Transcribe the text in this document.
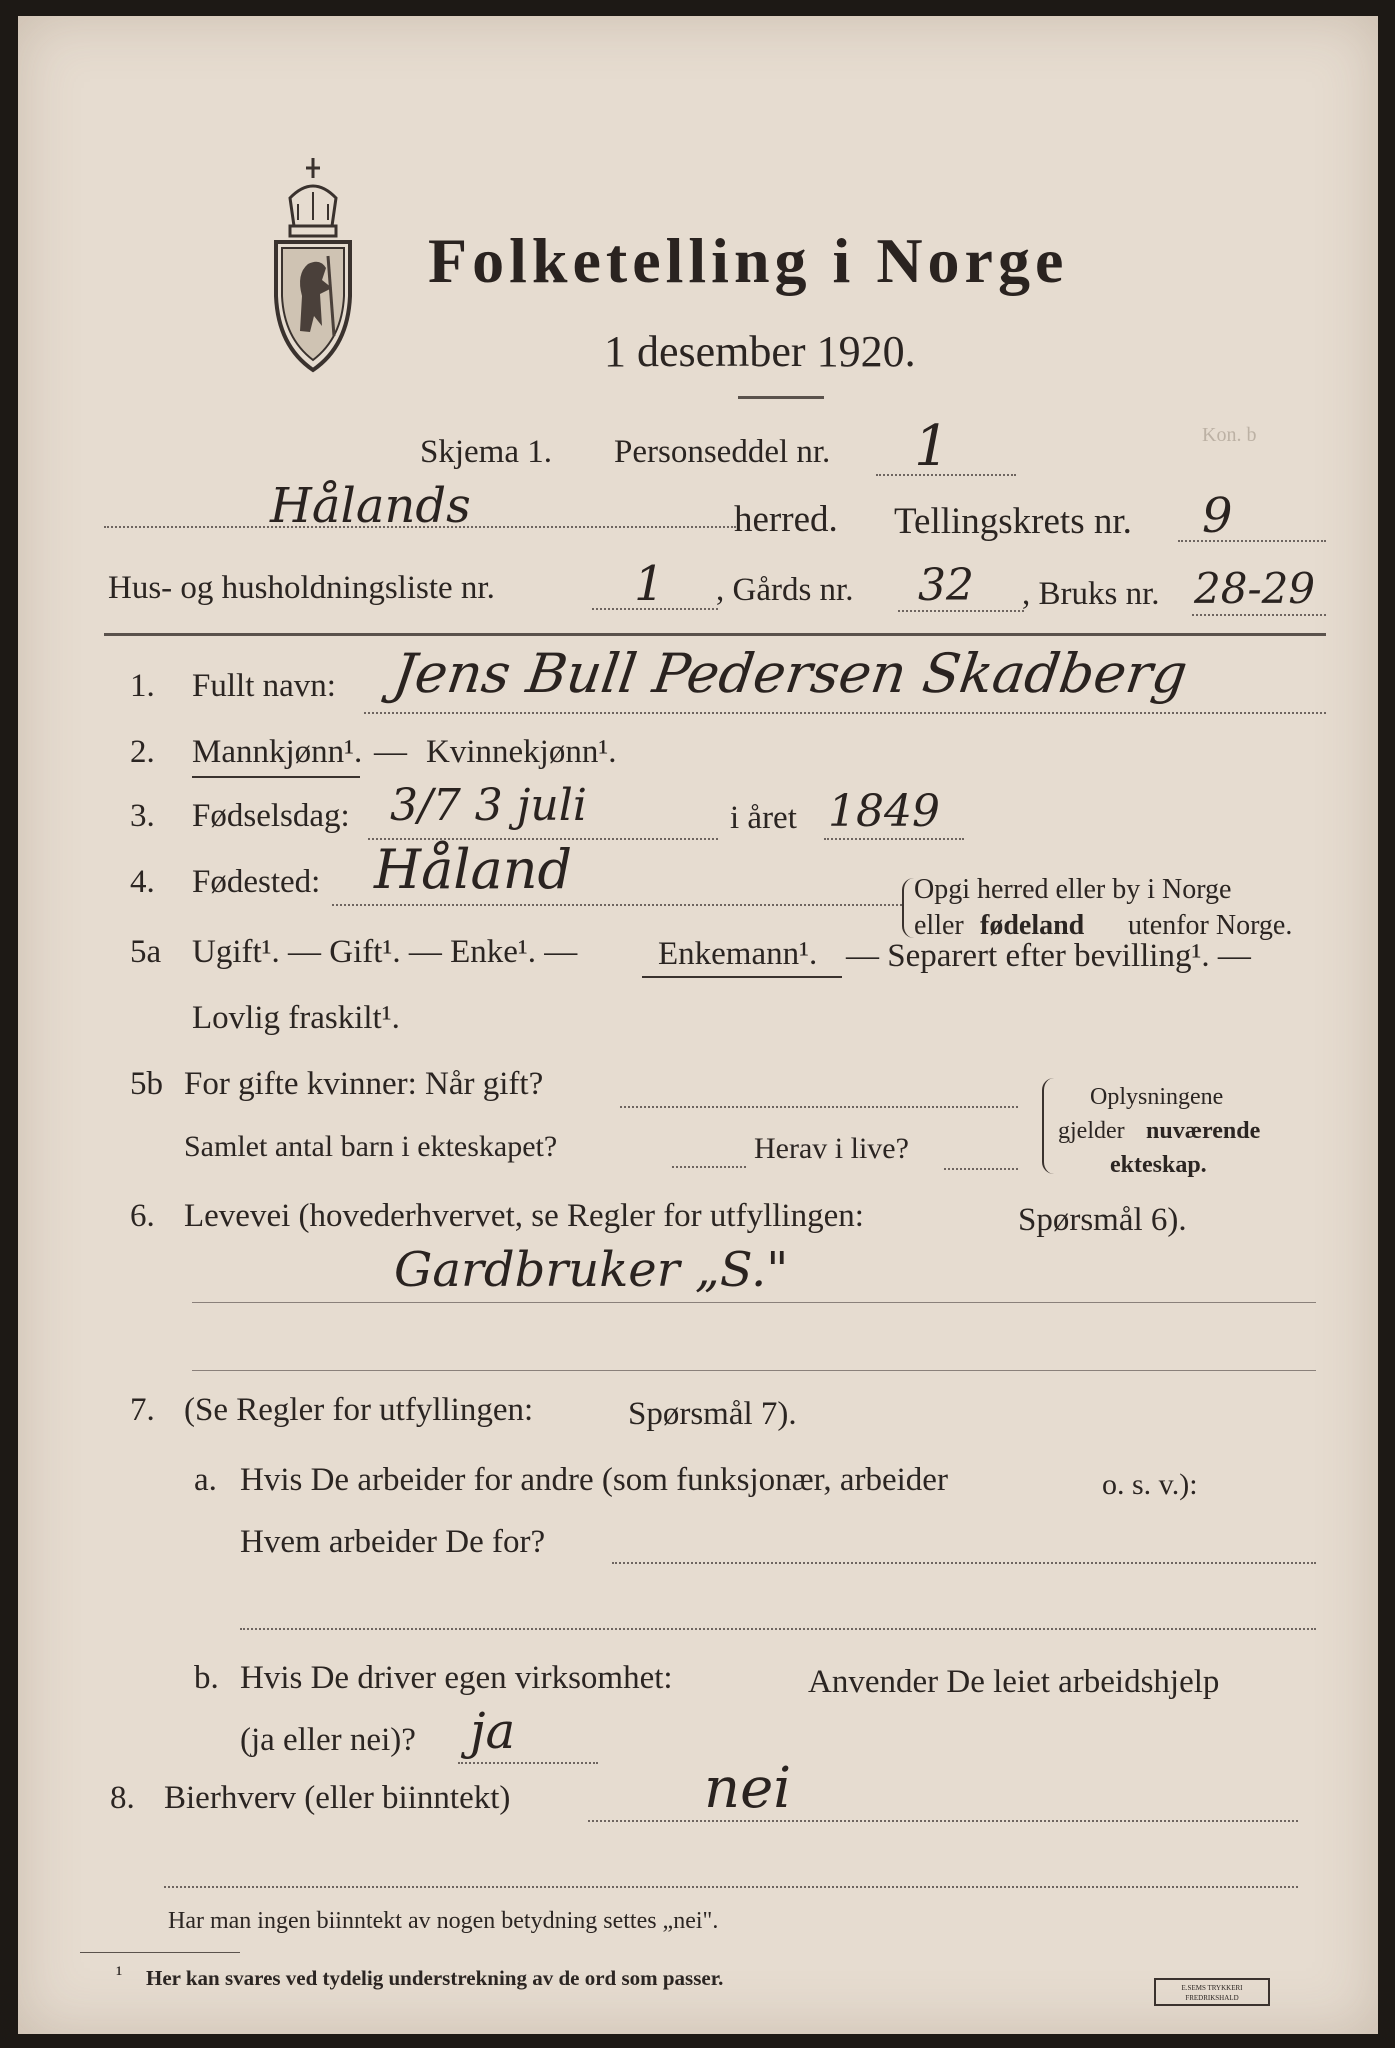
Folketelling i Norge
1 desember 1920.
Kon. b
Skjema 1. Personseddel nr. 1
Hålands	herred. Tellingskrets nr. 9
Hus- og husholdningsliste nr.	1 , Gårds nr. 32 , Bruks nr. 28-29
1. Fullt navn: Jens Bull Pedersen Skadberg
2. Mannkjønn¹. — Kvinnekjønn¹.
3. Fødselsdag: 3/7 3 juli	i året 1849
4. Fødested: Håland	Opgi herred eller by i Norge
eller fødeland utenfor Norge.
5a Ugift¹. — Gift¹. — Enke¹. — Enkemann¹. — Separert efter bevilling¹. —
Lovlig fraskilt¹.
5b For gifte kvinner: Når gift?
Samlet antal barn i ekteskapet?	Herav i live?
Oplysningene
gjelder nuværende
ekteskap.
6. Levevei (hovederhvervet, se Regler for utfyllingen:	Spørsmål 6).
Gardbruker „S."
7. (Se Regler for utfyllingen:	Spørsmål 7).
a. Hvis De arbeider for andre (som funksjonær, arbeider	o. s. v.):
Hvem arbeider De for?
b. Hvis De driver egen virksomhet:	Anvender De leiet arbeidshjelp
(ja eller nei)? ja
8. Bierhverv (eller biinntekt)	nei
Har man ingen biinntekt av nogen betydning settes „nei".
¹ Her kan svares ved tydelig understrekning av de ord som passer.	E.SEMS TRYKKERI
FREDRIKSHALD
